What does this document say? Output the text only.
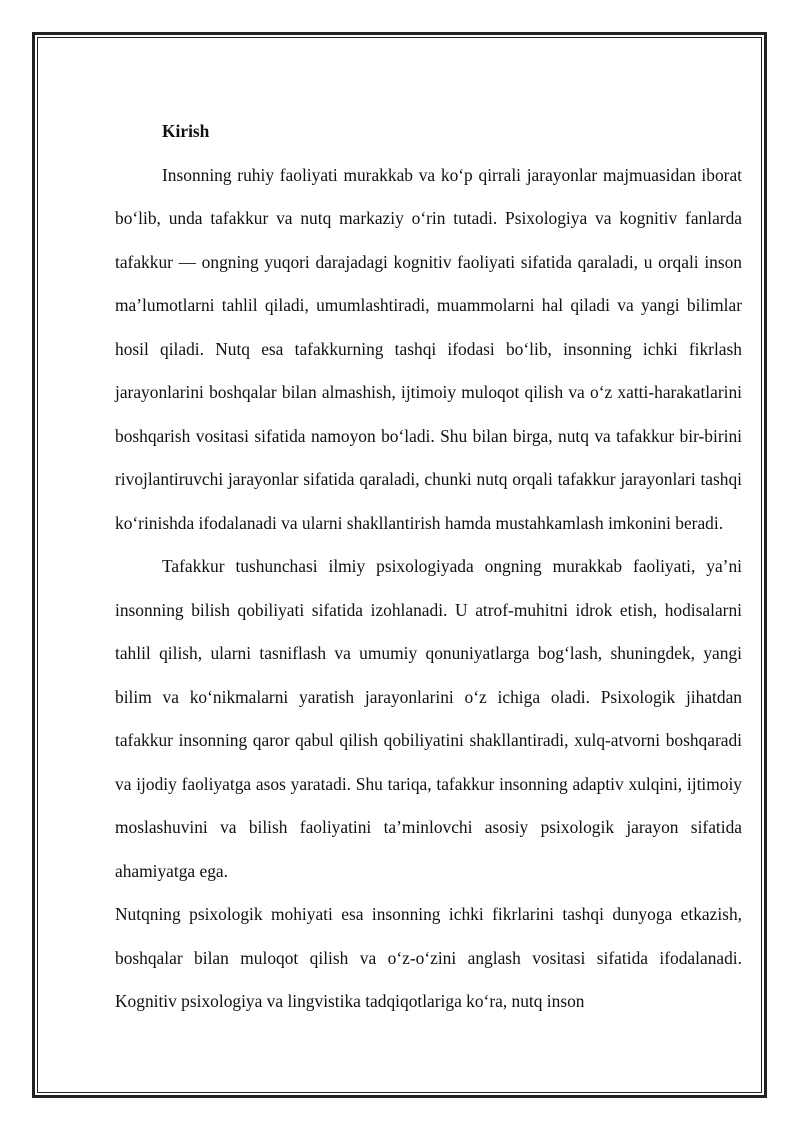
Kirish

Insonning ruhiy faoliyati murakkab va ko‘p qirrali jarayonlar majmuasidan iborat bo‘lib, unda tafakkur va nutq markaziy o‘rin tutadi. Psixologiya va kognitiv fanlarda tafakkur — ongning yuqori darajadagi kognitiv faoliyati sifatida qaraladi, u orqali inson ma’lumotlarni tahlil qiladi, umumlashtiradi, muammolarni hal qiladi va yangi bilimlar hosil qiladi. Nutq esa tafakkurning tashqi ifodasi bo‘lib, insonning ichki fikrlash jarayonlarini boshqalar bilan almashish, ijtimoiy muloqot qilish va o‘z xatti-harakatlarini boshqarish vositasi sifatida namoyon bo‘ladi. Shu bilan birga, nutq va tafakkur bir-birini rivojlantiruvchi jarayonlar sifatida qaraladi, chunki nutq orqali tafakkur jarayonlari tashqi ko‘rinishda ifodalanadi va ularni shakllantirish hamda mustahkamlash imkonini beradi.

Tafakkur tushunchasi ilmiy psixologiyada ongning murakkab faoliyati, ya’ni insonning bilish qobiliyati sifatida izohlanadi. U atrof-muhitni idrok etish, hodisalarni tahlil qilish, ularni tasniflash va umumiy qonuniyatlarga bog‘lash, shuningdek, yangi bilim va ko‘nikmalarni yaratish jarayonlarini o‘z ichiga oladi. Psixologik jihatdan tafakkur insonning qaror qabul qilish qobiliyatini shakllantiradi, xulq-atvorni boshqaradi va ijodiy faoliyatga asos yaratadi. Shu tariqa, tafakkur insonning adaptiv xulqini, ijtimoiy moslashuvini va bilish faoliyatini ta’minlovchi asosiy psixologik jarayon sifatida ahamiyatga ega.

Nutqning psixologik mohiyati esa insonning ichki fikrlarini tashqi dunyoga etkazish, boshqalar bilan muloqot qilish va o‘z-o‘zini anglash vositasi sifatida ifodalanadi. Kognitiv psixologiya va lingvistika tadqiqotlariga ko‘ra, nutq inson
